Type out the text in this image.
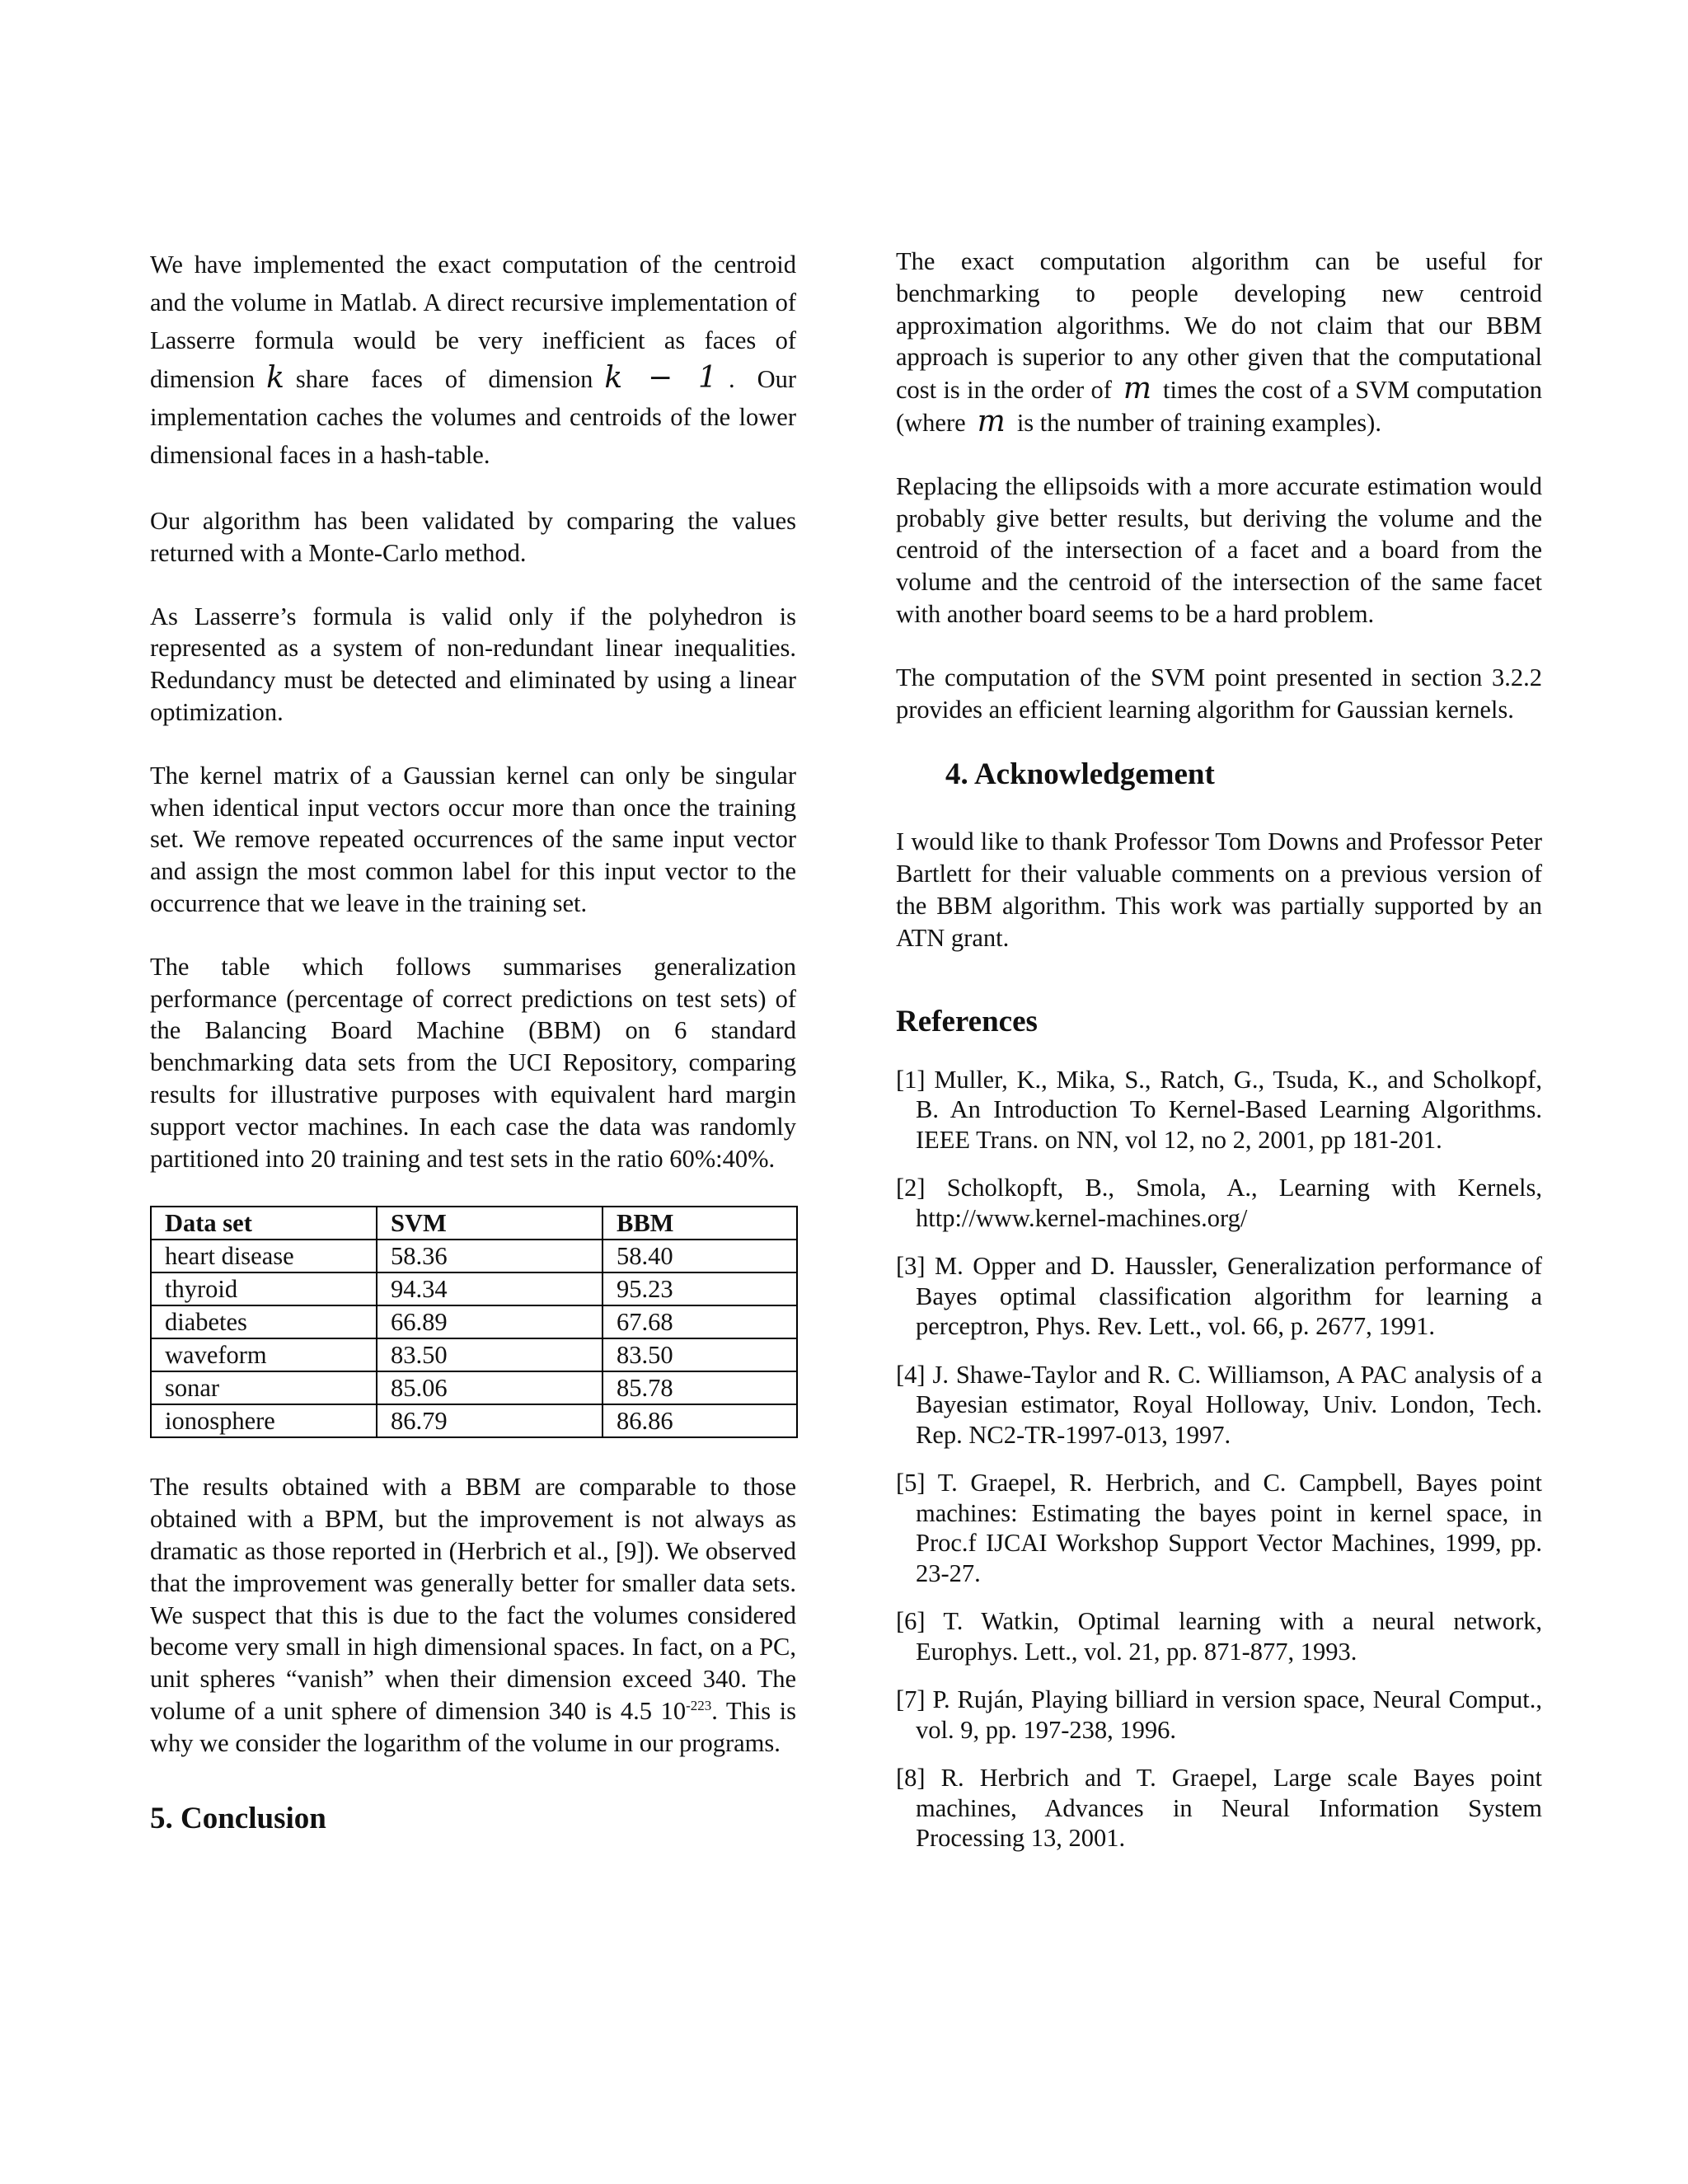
We have implemented the exact computation of the centroid and the volume in Matlab. A direct recursive implementation of Lasserre formula would be very inefficient as faces of dimension k share faces of dimension k − 1 . Our implementation caches the volumes and centroids of the lower dimensional faces in a hash-table.

Our algorithm has been validated by comparing the values returned with a Monte-Carlo method.

As Lasserre’s formula is valid only if the polyhedron is represented as a system of non-redundant linear inequalities. Redundancy must be detected and eliminated by using a linear optimization.

The kernel matrix of a Gaussian kernel can only be singular when identical input vectors occur more than once the training set. We remove repeated occurrences of the same input vector and assign the most common label for this input vector to the occurrence that we leave in the training set.

The table which follows summarises generalization performance (percentage of correct predictions on test sets) of the Balancing Board Machine (BBM) on 6 standard benchmarking data sets from the UCI Repository, comparing results for illustrative purposes with equivalent hard margin support vector machines. In each case the data was randomly partitioned into 20 training and test sets in the ratio 60%:40%.

Data set	SVM	BBM
heart disease	58.36	58.40
thyroid	94.34	95.23
diabetes	66.89	67.68
waveform	83.50	83.50
sonar	85.06	85.78
ionosphere	86.79	86.86

The results obtained with a BBM are comparable to those obtained with a BPM, but the improvement is not always as dramatic as those reported in (Herbrich et al., [9]). We observed that the improvement was generally better for smaller data sets. We suspect that this is due to the fact the volumes considered become very small in high dimensional spaces. In fact, on a PC, unit spheres “vanish” when their dimension exceed 340. The volume of a unit sphere of dimension 340 is 4.5 $10^{-223}$. This is why we consider the logarithm of the volume in our programs.

5. Conclusion

The exact computation algorithm can be useful for benchmarking to people developing new centroid approximation algorithms. We do not claim that our BBM approach is superior to any other given that the computational cost is in the order of m times the cost of a SVM computation (where m is the number of training examples).

Replacing the ellipsoids with a more accurate estimation would probably give better results, but deriving the volume and the centroid of the intersection of a facet and a board from the volume and the centroid of the intersection of the same facet with another board seems to be a hard problem.

The computation of the SVM point presented in section 3.2.2 provides an efficient learning algorithm for Gaussian kernels.

4. Acknowledgement

I would like to thank Professor Tom Downs and Professor Peter Bartlett for their valuable comments on a previous version of the BBM algorithm. This work was partially supported by an ATN grant.

References
[1] Muller, K., Mika, S., Ratch, G., Tsuda, K., and Scholkopf, B. An Introduction To Kernel-Based Learning Algorithms. IEEE Trans. on NN, vol 12, no 2, 2001, pp 181-201.
[2] Scholkopft, B., Smola, A., Learning with Kernels, http://www.kernel-machines.org/
[3] M. Opper and D. Haussler, Generalization performance of Bayes optimal classification algorithm for learning a perceptron, Phys. Rev. Lett., vol. 66, p. 2677, 1991.
[4] J. Shawe-Taylor and R. C. Williamson, A PAC analysis of a Bayesian estimator, Royal Holloway, Univ. London, Tech. Rep. NC2-TR-1997-013, 1997.
[5] T. Graepel, R. Herbrich, and C. Campbell, Bayes point machines: Estimating the bayes point in kernel space, in Proc.f IJCAI Workshop Support Vector Machines, 1999, pp. 23-27.
[6] T. Watkin, Optimal learning with a neural network, Europhys. Lett., vol. 21, pp. 871-877, 1993.
[7] P. Ruján, Playing billiard in version space, Neural Comput., vol. 9, pp. 197-238, 1996.
[8] R. Herbrich and T. Graepel, Large scale Bayes point machines, Advances in Neural Information System Processing 13, 2001.
